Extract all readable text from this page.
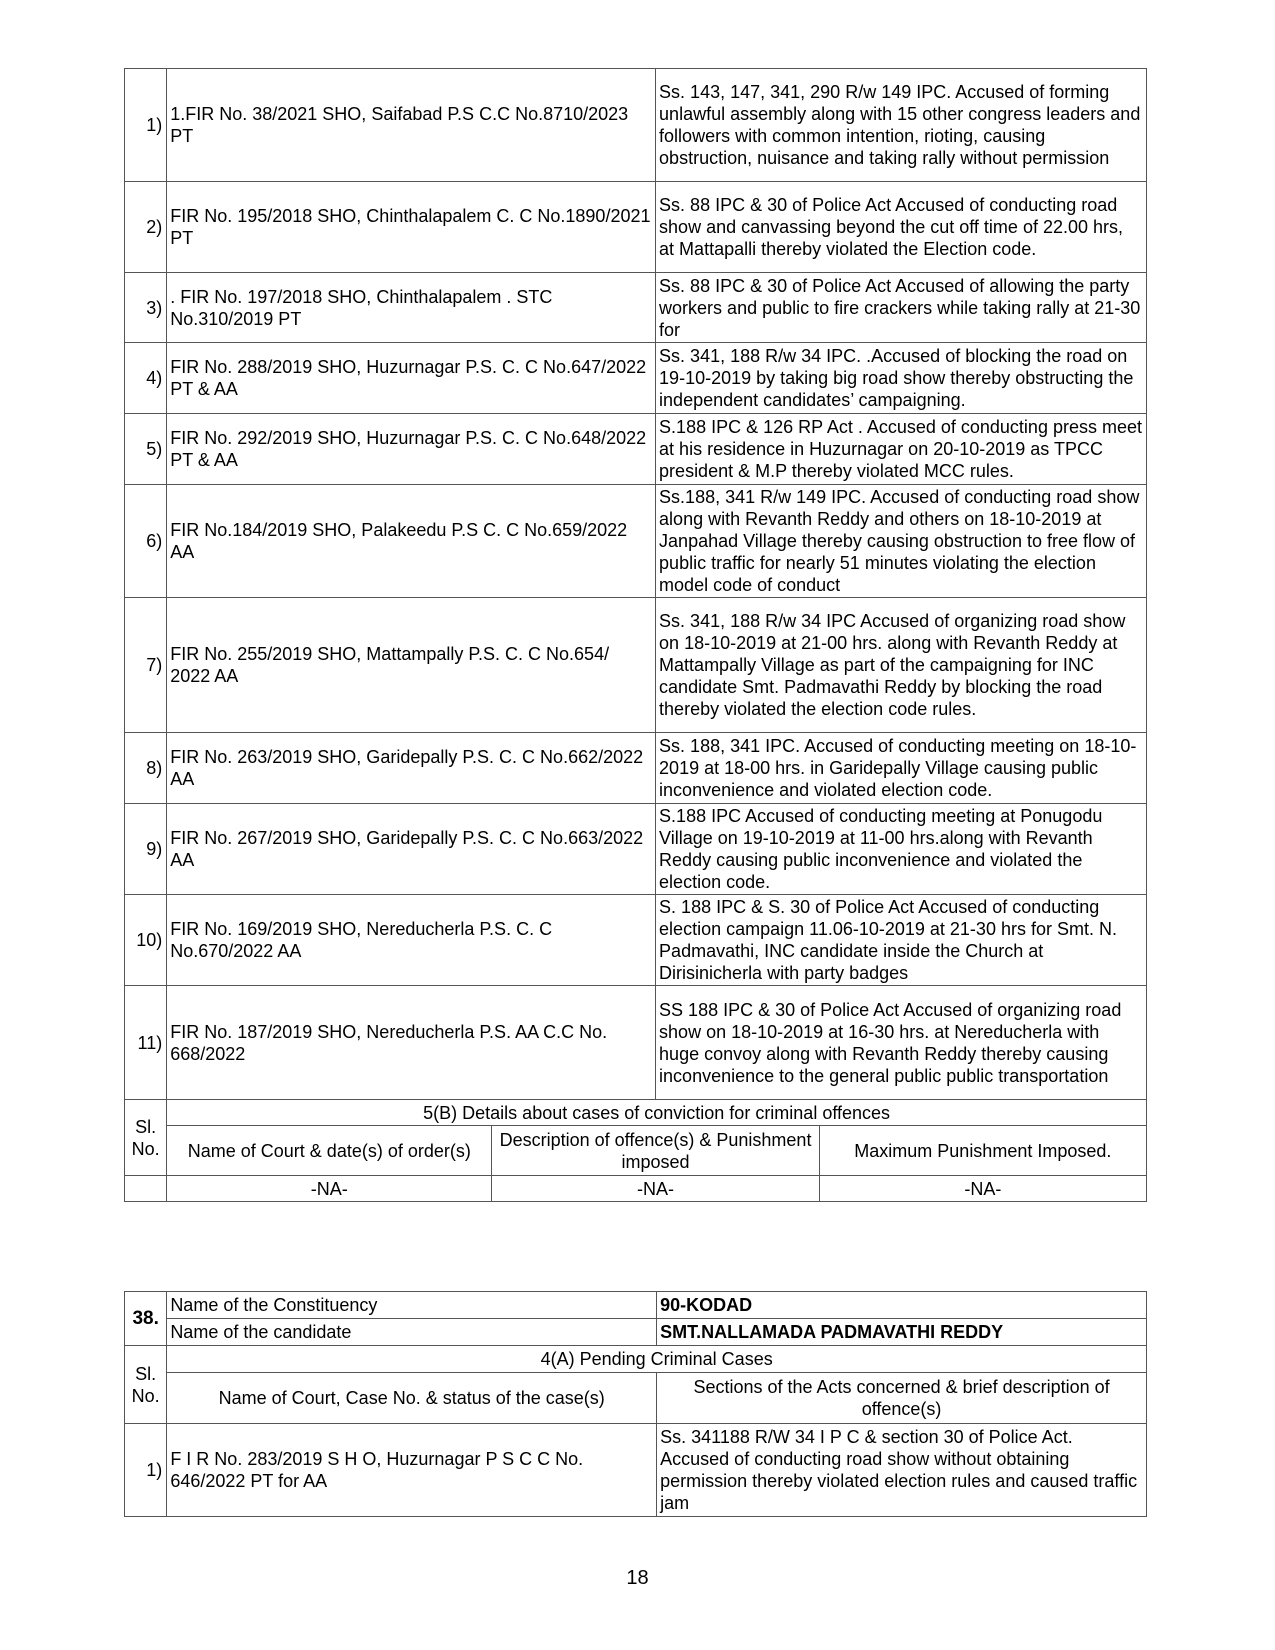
1)	1.FIR No. 38/2021 SHO, Saifabad P.S C.C No.8710/2023 PT		Ss. 143, 147, 341, 290 R/w 149 IPC. Accused of forming unlawful assembly along with 15 other congress leaders and followers with common intention, rioting, causing obstruction, nuisance and taking rally without permission	
2)	FIR No. 195/2018 SHO, Chinthalapalem C. C No.1890/2021 PT		Ss. 88 IPC & 30 of Police Act Accused of conducting road show and canvassing beyond the cut off time of 22.00 hrs, at Mattapalli thereby violated the Election code.	
3)	. FIR No. 197/2018 SHO, Chinthalapalem . STC No.310/2019 PT		Ss. 88 IPC & 30 of Police Act Accused of allowing the party workers and public to fire crackers while taking rally at 21-30 for	
4)	FIR No. 288/2019 SHO, Huzurnagar P.S. C. C No.647/2022 PT & AA		Ss. 341, 188 R/w 34 IPC. .Accused of blocking the road on 19-10-2019 by taking big road show thereby obstructing the independent candidates’ campaigning.	
5)	FIR No. 292/2019 SHO, Huzurnagar P.S. C. C No.648/2022 PT & AA		S.188 IPC & 126 RP Act . Accused of conducting press meet at his residence in Huzurnagar on 20-10-2019 as TPCC president & M.P thereby violated MCC rules.	
6)	FIR No.184/2019 SHO, Palakeedu P.S C. C No.659/2022 AA		Ss.188, 341 R/w 149 IPC. Accused of conducting road show along with Revanth Reddy and others on 18-10-2019 at Janpahad Village thereby causing obstruction to free flow of public traffic for nearly 51 minutes violating the election model code of conduct	
7)	FIR No. 255/2019 SHO, Mattampally P.S. C. C No.654/ 2022 AA		Ss. 341, 188 R/w 34 IPC Accused of organizing road show on 18-10-2019 at 21-00 hrs. along with Revanth Reddy at Mattampally Village as part of the campaigning for INC candidate Smt. Padmavathi Reddy by blocking the road thereby violated the election code rules.	
8)	FIR No. 263/2019 SHO, Garidepally P.S. C. C No.662/2022 AA		Ss. 188, 341 IPC. Accused of conducting meeting on 18-10-2019 at 18-00 hrs. in Garidepally Village causing public inconvenience and violated election code.	
9)	FIR No. 267/2019 SHO, Garidepally P.S. C. C No.663/2022 AA		S.188 IPC Accused of conducting meeting at Ponugodu Village on 19-10-2019 at 11-00 hrs.along with Revanth Reddy causing public inconvenience and violated the election code.	
10)	FIR No. 169/2019 SHO, Nereducherla P.S. C. C No.670/2022 AA		S. 188 IPC & S. 30 of Police Act Accused of conducting election campaign 11.06-10-2019 at 21-30 hrs for Smt. N. Padmavathi, INC candidate inside the Church at Dirisinicherla with party badges	
11)	FIR No. 187/2019 SHO, Nereducherla P.S. AA C.C No. 668/2022		SS 188 IPC & 30 of Police Act Accused of organizing road show on 18-10-2019 at 16-30 hrs. at Nereducherla with huge convoy along with Revanth Reddy thereby causing inconvenience to the general public public transportation	
Sl. No.	5(B) Details about cases of conviction for criminal offences			
	Name of Court & date(s) of order(s)	Description of offence(s) & Punishment imposed		Maximum Punishment Imposed.
	-NA-	-NA-		-NA-
38.	Name of the Constituency	90-KODAD
	Name of the candidate	SMT.NALLAMADA PADMAVATHI REDDY
Sl. No.	4(A) Pending Criminal Cases	
	Name of Court, Case No. & status of the case(s)	Sections of the Acts concerned & brief description of offence(s)
1)	F I R No. 283/2019 S H O, Huzurnagar P S C C No. 646/2022 PT for AA	Ss. 341188 R/W 34 I P C & section 30 of Police Act. Accused of conducting road show without obtaining permission thereby violated election rules and caused traffic jam
18
